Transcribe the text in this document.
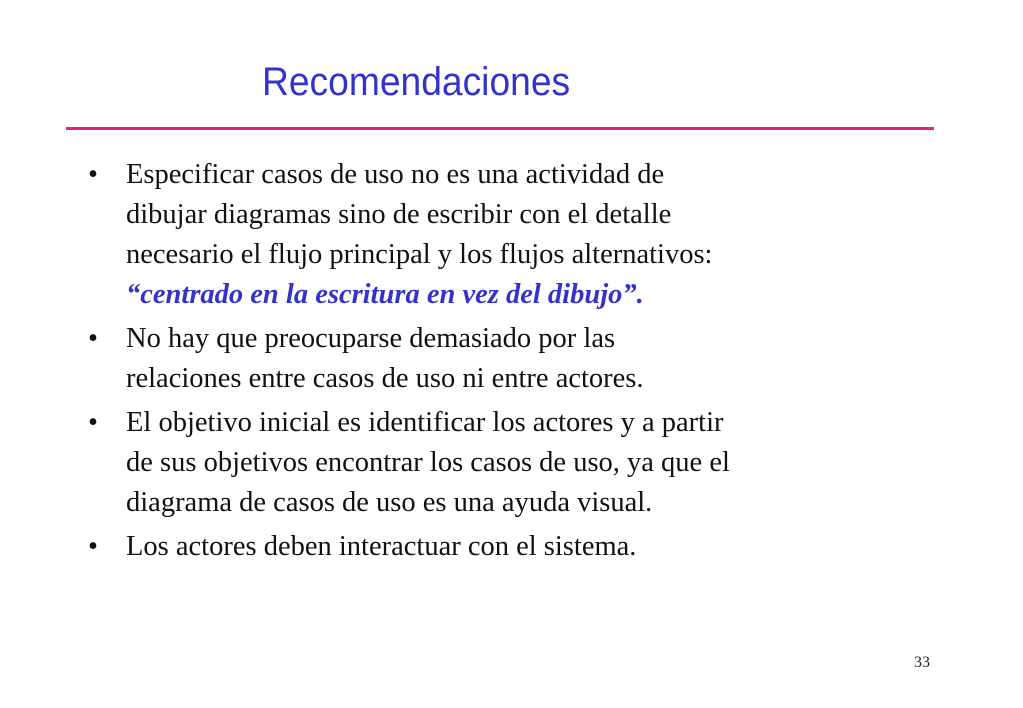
Recomendaciones
• Especificar casos de uso no es una actividad de
dibujar diagramas sino de escribir con el detalle
necesario el flujo principal y los flujos alternativos:
“centrado en la escritura en vez del dibujo”.
• No hay que preocuparse demasiado por las
relaciones entre casos de uso ni entre actores.
• El objetivo inicial es identificar los actores y a partir
de sus objetivos encontrar los casos de uso, ya que el
diagrama de casos de uso es una ayuda visual.
• Los actores deben interactuar con el sistema.
33
